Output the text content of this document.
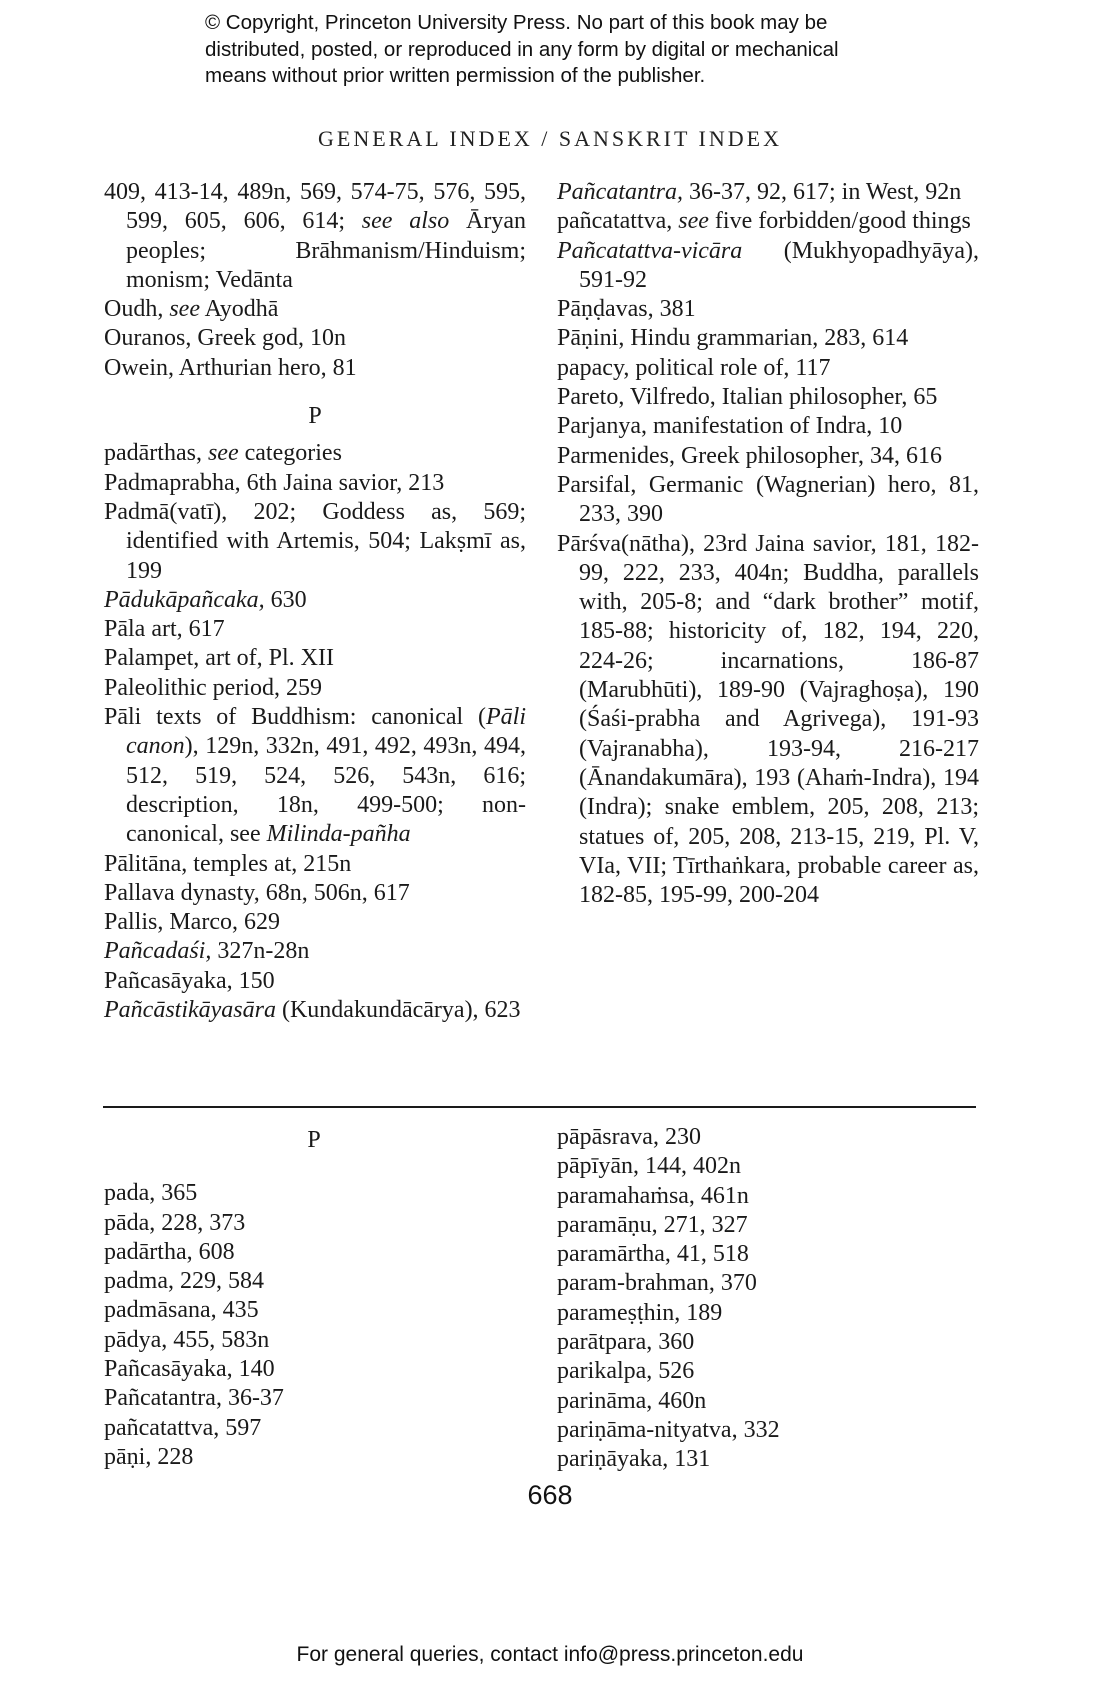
© Copyright, Princeton University Press. No part of this book may be
distributed, posted, or reproduced in any form by digital or mechanical
means without prior written permission of the publisher.
GENERAL INDEX / SANSKRIT INDEX
409, 413-14, 489n, 569, 574-75, 576, 595, 599, 605, 606, 614; see also Āryan peoples; Brāhmanism/Hinduism; monism; Vedānta
Oudh, see Ayodhā
Ouranos, Greek god, 10n
Owein, Arthurian hero, 81
P
padārthas, see categories
Padmaprabha, 6th Jaina savior, 213
Padmā(vatī), 202; Goddess as, 569; identified with Artemis, 504; Lakṣmī as, 199
Pādukāpañcaka, 630
Pāla art, 617
Palampet, art of, Pl. XII
Paleolithic period, 259
Pāli texts of Buddhism: canonical (Pāli canon), 129n, 332n, 491, 492, 493n, 494, 512, 519, 524, 526, 543n, 616; description, 18n, 499-500; non-canonical, see Milinda-pañha
Pālitāna, temples at, 215n
Pallava dynasty, 68n, 506n, 617
Pallis, Marco, 629
Pañcadaśi, 327n-28n
Pañcasāyaka, 150
Pañcāstikāyasāra (Kundakundācārya), 623
Pañcatantra, 36-37, 92, 617; in West, 92n
pañcatattva, see five forbidden/good things
Pañcatattva-vicāra (Mukhyopadhyāya), 591-92
Pāṇḍavas, 381
Pāṇini, Hindu grammarian, 283, 614
papacy, political role of, 117
Pareto, Vilfredo, Italian philosopher, 65
Parjanya, manifestation of Indra, 10
Parmenides, Greek philosopher, 34, 616
Parsifal, Germanic (Wagnerian) hero, 81, 233, 390
Pārśva(nātha), 23rd Jaina savior, 181, 182-99, 222, 233, 404n; Buddha, parallels with, 205-8; and “dark brother” motif, 185-88; historicity of, 182, 194, 220, 224-26; incarnations, 186-87 (Marubhūti), 189-90 (Vajraghoṣa), 190 (Śaśi-prabha and Agrivega), 191-93 (Vajranabha), 193-94, 216-217 (Ānandakumāra), 193 (Ahaṁ-Indra), 194 (Indra); snake emblem, 205, 208, 213; statues of, 205, 208, 213-15, 219, Pl. V, VIa, VII; Tīrthaṅkara, probable career as, 182-85, 195-99, 200-204
P
pada, 365
pāda, 228, 373
padārtha, 608
padma, 229, 584
padmāsana, 435
pādya, 455, 583n
Pañcasāyaka, 140
Pañcatantra, 36-37
pañcatattva, 597
pāṇi, 228
pāpāsrava, 230
pāpīyān, 144, 402n
paramahaṁsa, 461n
paramāṇu, 271, 327
paramārtha, 41, 518
param-brahman, 370
parameṣṭhin, 189
parātpara, 360
parikalpa, 526
parināma, 460n
pariṇāma-nityatva, 332
pariṇāyaka, 131
668
For general queries, contact info@press.princeton.edu
